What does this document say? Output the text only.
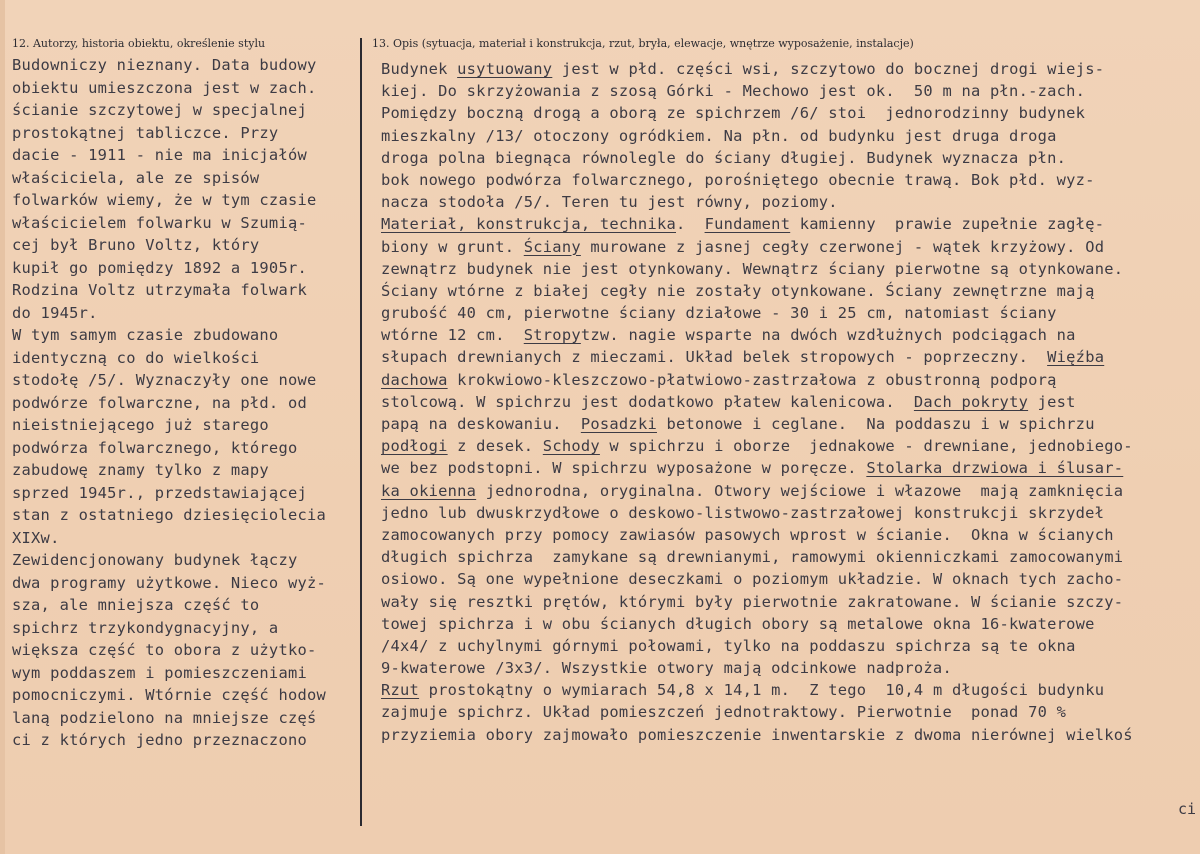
12. Autorzy, historia obiektu, określenie stylu	13. Opis (sytuacja, materiał i konstrukcja, rzut, bryła, elewacje, wnętrze wyposażenie, instalacje)
Budowniczy nieznany. Data budowy
obiektu umieszczona jest w zach.
ścianie szczytowej w specjalnej
prostokątnej tabliczce. Przy
dacie - 1911 - nie ma inicjałów
właściciela, ale ze spisów
folwarków wiemy, że w tym czasie
właścicielem folwarku w Szumią-
cej był Bruno Voltz, który
kupił go pomiędzy 1892 a 1905r.
Rodzina Voltz utrzymała folwark
do 1945r.
W tym samym czasie zbudowano
identyczną co do wielkości
stodołę /5/. Wyznaczyły one nowe
podwórze folwarczne, na płd. od
nieistniejącego już starego
podwórza folwarcznego, którego
zabudowę znamy tylko z mapy
sprzed 1945r., przedstawiającej
stan z ostatniego dziesięciolecia
XIXw.
Zewidencjonowany budynek łączy
dwa programy użytkowe. Nieco wyż-
sza, ale mniejsza część to
spichrz trzykondygnacyjny, a
większa część to obora z użytko-
wym poddaszem i pomieszczeniami
pomocniczymi. Wtórnie część hodow
laną podzielono na mniejsze częś
ci z których jedno przeznaczono
Budynek usytuowany jest w płd. części wsi, szczytowo do bocznej drogi wiejs-
kiej. Do skrzyżowania z szosą Górki - Mechowo jest ok.  50 m na płn.-zach.
Pomiędzy boczną drogą a oborą ze spichrzem /6/ stoi  jednorodzinny budynek
mieszkalny /13/ otoczony ogródkiem. Na płn. od budynku jest druga droga
droga polna biegnąca równolegle do ściany długiej. Budynek wyznacza płn.
bok nowego podwórza folwarcznego, porośniętego obecnie trawą. Bok płd. wyz-
nacza stodoła /5/. Teren tu jest równy, poziomy.
Materiał, konstrukcja, technika.  Fundament kamienny  prawie zupełnie zagłę-
biony w grunt. Ściany murowane z jasnej cegły czerwonej - wątek krzyżowy. Od
zewnątrz budynek nie jest otynkowany. Wewnątrz ściany pierwotne są otynkowane.
Ściany wtórne z białej cegły nie zostały otynkowane. Ściany zewnętrzne mają
grubość 40 cm, pierwotne ściany działowe - 30 i 25 cm, natomiast ściany
wtórne 12 cm.  Stropytzw. nagie wsparte na dwóch wzdłużnych podciągach na
słupach drewnianych z mieczami. Układ belek stropowych - poprzeczny.  Więźba
dachowa krokwiowo-kleszczowo-płatwiowo-zastrzałowa z obustronną podporą
stolcową. W spichrzu jest dodatkowo płatew kalenicowa.  Dach pokryty jest
papą na deskowaniu.  Posadzki betonowe i ceglane.  Na poddaszu i w spichrzu
podłogi z desek. Schody w spichrzu i oborze  jednakowe - drewniane, jednobiego-
we bez podstopni. W spichrzu wyposażone w poręcze. Stolarka drzwiowa i ślusar-
ka okienna jednorodna, oryginalna. Otwory wejściowe i włazowe  mają zamknięcia
jedno lub dwuskrzydłowe o deskowo-listwowo-zastrzałowej konstrukcji skrzydeł
zamocowanych przy pomocy zawiasów pasowych wprost w ścianie.  Okna w ścianych
długich spichrza  zamykane są drewnianymi, ramowymi okienniczkami zamocowanymi
osiowo. Są one wypełnione deseczkami o poziomym układzie. W oknach tych zacho-
wały się resztki prętów, którymi były pierwotnie zakratowane. W ścianie szczy-
towej spichrza i w obu ścianych długich obory są metalowe okna 16-kwaterowe
/4x4/ z uchylnymi górnymi połowami, tylko na poddaszu spichrza są te okna
9-kwaterowe /3x3/. Wszystkie otwory mają odcinkowe nadproża.
Rzut prostokątny o wymiarach 54,8 x 14,1 m.  Z tego  10,4 m długości budynku
zajmuje spichrz. Układ pomieszczeń jednotraktowy. Pierwotnie  ponad 70 %
przyziemia obory zajmowało pomieszczenie inwentarskie z dwoma nierównej wielkoś
ci
